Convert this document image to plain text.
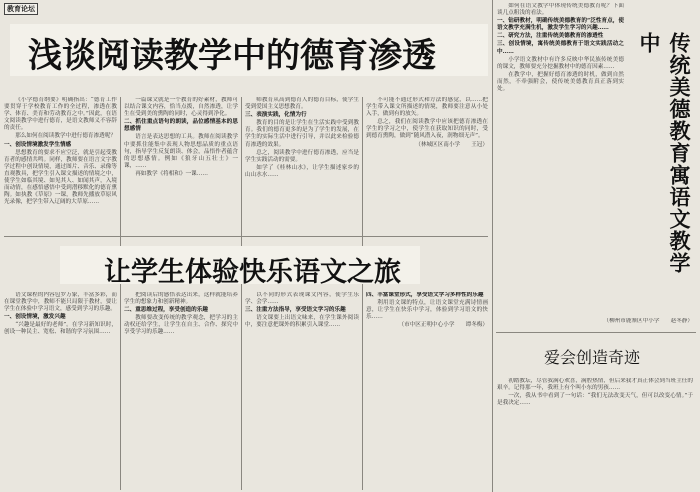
教育论坛
浅谈阅读教学中的德育渗透

《小学德育纲要》明确指出：“德育工作要贯穿于学校教育工作的全过程，渗透在教学、体育、美育和劳动教育之中。”因此，在语文阅读教学中进行德育，是语文教师义不容辞的责任。

那么如何在阅读教学中进行德育渗透呢？

一、创设情境激发学生情感

思想教育的要求不应空泛，就是引起受教育者的感情共鸣。同样，教师要在语言文字教学过程中创设情境，通过图片、音乐、录像等直观教具，把学生引入课文描述的情境之中，使学生如临其境、如见其人、如闻其声，入境而动情，在感悟感悟中受到潜移默化的德育熏陶。如执教《草原》一课，教师先播放草原风光录像，把学生带入辽阔的大草原……

一篇课文就是一个教育的好素材，教师可以结合课文内容，恰当点拨，自然渗透，让学生在受到美的熏陶的同时，心灵得到净化。

二、抓住重点语句的朗读，品位感情基本的思想感情

语言是表达思想的工具。教师在阅读教学中要抓住能集中表现人物思想品质的重点语句，指导学生反复朗读、体会，品悟作者蕴含的思想感情。例如《狼牙山五壮士》一课，……

再如教学《将相和》一课……

师教育从高到德育人的德育目标，使学生受到爱国主义思想教育。

三、表演实践，化情为行

教育的目的是让学生在生活实践中受到教育。我们的德育更多的是为了学生的发展，在学生的实际生活中进行引导，并以此来检验德育渗透的效果。

总之，阅读教学中进行德育渗透，应当是学生实践活动的需要。

如学了《桂林山水》，让学生描述家乡的山山水水……

不可能不通过形式和方法的感觉，以……把学生带入课文所描述的情境，教师要注意从小处入手，做到有的放矢。

总之，我们在阅读教学中应该把德育渗透在学生的学习之中，使学生在获取知识的同时，受到德育熏陶，做到“随风潜入夜，润物细无声”。

（林城区区南小学　　王冠）

让学生体验快乐语文之旅

语文课程的内容包罗万象，丰富多彩，而在课堂教学中，教师不能只局限于教材，要让学生在体验中学习语文，感受到学习的乐趣。

一、创设情境，激发兴趣

“兴趣是最好的老师”。在学习新知识时，创设一种民主、宽松、和谐的学习氛围……

把阅读后的感悟表达出来，这样就能培养学生的想象力和创新精神。

二、重思维过程，享受创造的乐趣

教师要改变传统的教学观念，把学习的主动权还给学生，让学生在自主、合作、探究中享受学习的乐趣……

以不同的形式表现课文内容，使学生乐学、会学……

三、注重方法指导，享受语文学习的乐趣

语文课要上出语文味来，在学生课外阅读中，要注意把课外的积累引入课堂……

四、丰富课堂形式，享受语文学习多样性的乐趣

利用语文课的特点，让语文课堂充满诗情画意，让学生在快乐中学习，体验到学习语文的快乐……

（市中区正明中心小学　　谭冬梅）

如何在语文教学中体现传统美德教育呢？下面谈几点粗浅的看法。

一、钻研教材，明确传统美德教育的“泛性育点，使语文教学充满生机，激发学生学习的兴趣……

二、研究方法，注重传统美德教育的渗透性

三、创设情境，寓传统美德教育于语文实践活动之中……

小学语文教材中有许多反映中华民族传统美德的课文，教师要充分挖掘教材中的德育因素……

在教学中，把握好德育渗透的时机，做到自然而然，不牵强附会，使传统美德教育真正落到实处。	传统美德教育寓语文教学中

（柳州市鹿寨区中小学　　赵冬静）

爱会创造奇迹

初踏教坛，尽管我满心欢喜，满腔热情，但后来我才真正体会到当班主任的艰辛。记得那一年，我班上有个叫小东的男孩……

一次，我从书中看到了一句话：“我们无法改变天气，但可以改变心情。”于是我决定……
